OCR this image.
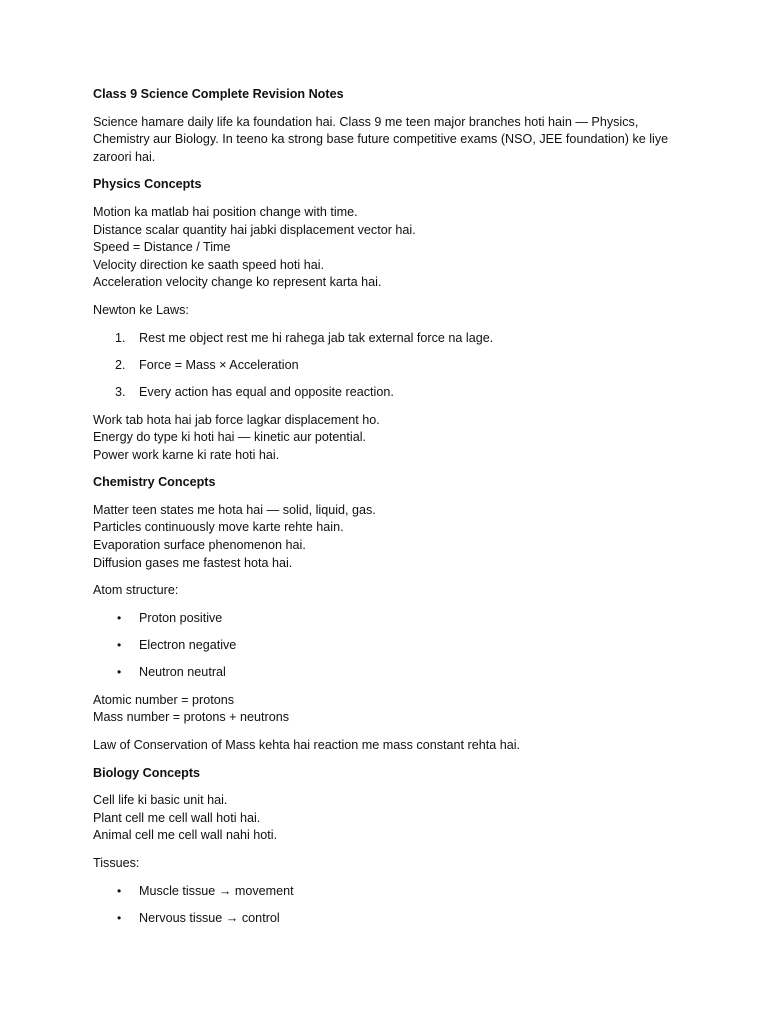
Class 9 Science Complete Revision Notes

Science hamare daily life ka foundation hai. Class 9 me teen major branches hoti hain — Physics, Chemistry aur Biology. In teeno ka strong base future competitive exams (NSO, JEE foundation) ke liye zaroori hai.

Physics Concepts
Motion ka matlab hai position change with time.
Distance scalar quantity hai jabki displacement vector hai.
Speed = Distance / Time
Velocity direction ke saath speed hoti hai.
Acceleration velocity change ko represent karta hai.

Newton ke Laws:

1. Rest me object rest me hi rahega jab tak external force na lage.
2. Force = Mass × Acceleration
3. Every action has equal and opposite reaction.
Work tab hota hai jab force lagkar displacement ho.
Energy do type ki hoti hai — kinetic aur potential.
Power work karne ki rate hoti hai.
Chemistry Concepts
Matter teen states me hota hai — solid, liquid, gas.
Particles continuously move karte rehte hain.
Evaporation surface phenomenon hai.
Diffusion gases me fastest hota hai.

Atom structure:

• Proton positive
• Electron negative
• Neutron neutral
Atomic number = protons
Mass number = protons + neutrons

Law of Conservation of Mass kehta hai reaction me mass constant rehta hai.

Biology Concepts
Cell life ki basic unit hai.
Plant cell me cell wall hoti hai.
Animal cell me cell wall nahi hoti.

Tissues:

• Muscle tissue → movement
• Nervous tissue → control
